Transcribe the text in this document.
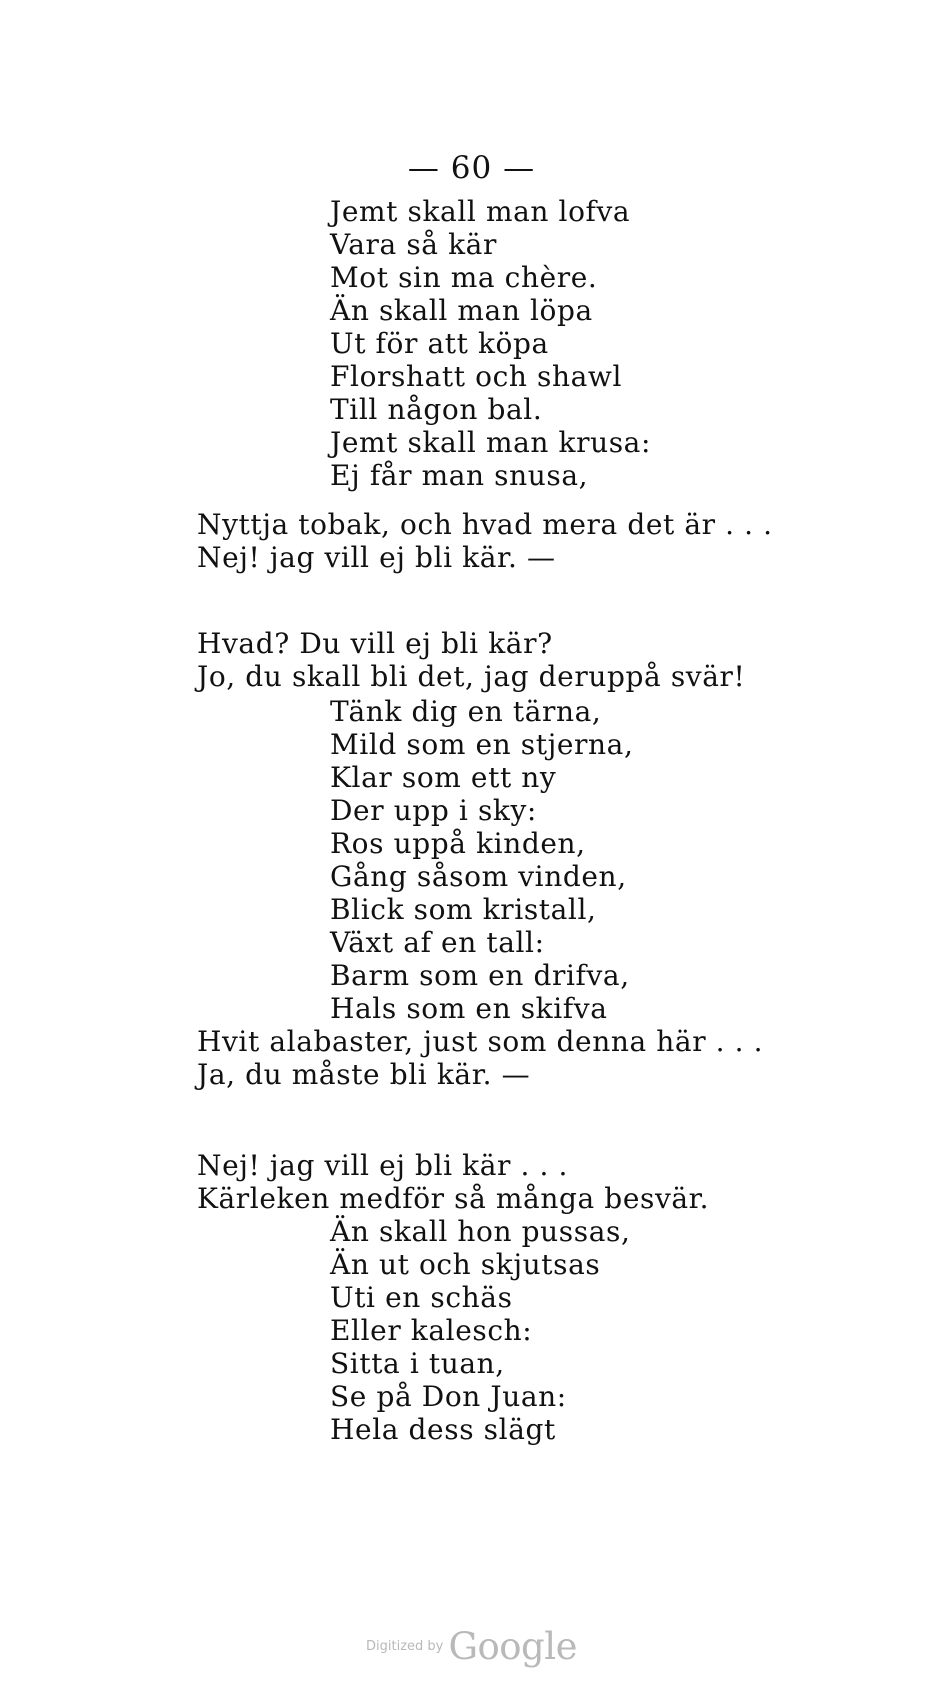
— 60 —
Jemt skall man lofva
Vara så kär
Mot sin ma chère.
Än skall man löpa
Ut för att köpa
Florshatt och shawl
Till någon bal.
Jemt skall man krusa:
Ej får man snusa,
Nyttja tobak, och hvad mera det är . . .
Nej! jag vill ej bli kär. —
Hvad? Du vill ej bli kär?
Jo, du skall bli det, jag deruppå svär!
Tänk dig en tärna,
Mild som en stjerna,
Klar som ett ny
Der upp i sky:
Ros uppå kinden,
Gång såsom vinden,
Blick som kristall,
Växt af en tall:
Barm som en drifva,
Hals som en skifva
Hvit alabaster, just som denna här . . .
Ja, du måste bli kär. —
Nej! jag vill ej bli kär . . .
Kärleken medför så många besvär.
Än skall hon pussas,
Än ut och skjutsas
Uti en schäs
Eller kalesch:
Sitta i tuan,
Se på Don Juan:
Hela dess slägt
Digitized by Google
